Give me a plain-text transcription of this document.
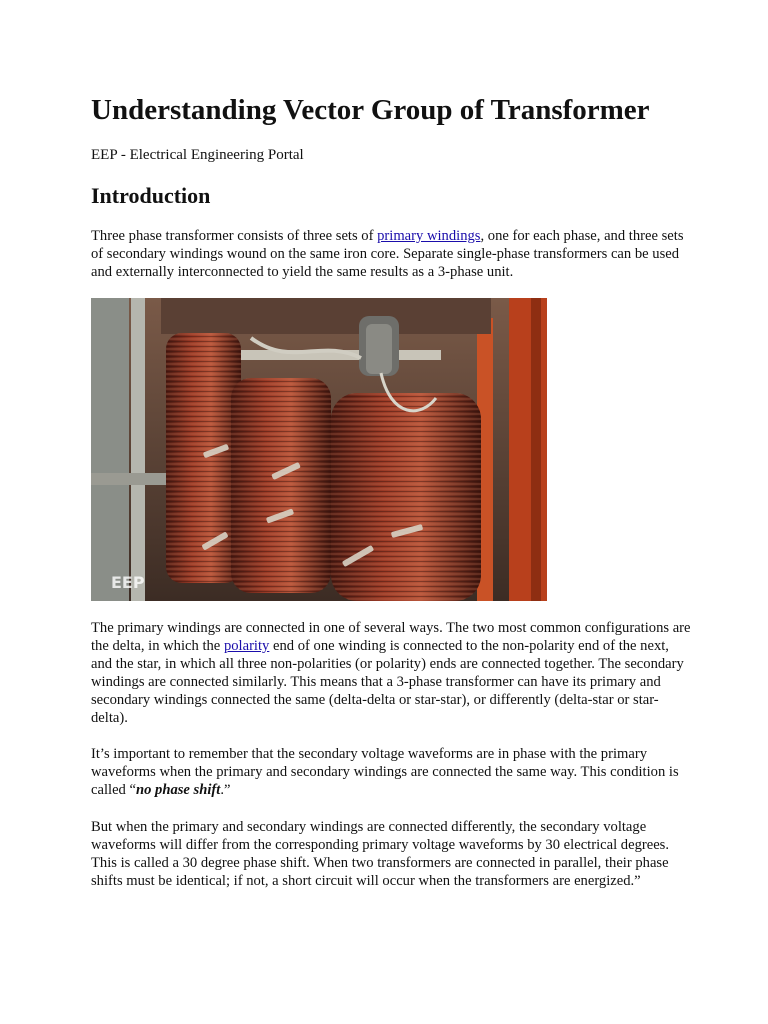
Understanding Vector Group of Transformer

EEP - Electrical Engineering Portal

Introduction

Three phase transformer consists of three sets of primary windings, one for each phase, and three sets of secondary windings wound on the same iron core. Separate single-phase transformers can be used and externally interconnected to yield the same results as a 3-phase unit.

EEP

The primary windings are connected in one of several ways. The two most common configurations are the delta, in which the polarity end of one winding is connected to the non-polarity end of the next, and the star, in which all three non-polarities (or polarity) ends are connected together. The secondary windings are connected similarly. This means that a 3-phase transformer can have its primary and secondary windings connected the same (delta-delta or star-star), or differently (delta-star or star-delta).

It’s important to remember that the secondary voltage waveforms are in phase with the primary waveforms when the primary and secondary windings are connected the same way. This condition is called “no phase shift.”

But when the primary and secondary windings are connected differently, the secondary voltage waveforms will differ from the corresponding primary voltage waveforms by 30 electrical degrees. This is called a 30 degree phase shift. When two transformers are connected in parallel, their phase shifts must be identical; if not, a short circuit will occur when the transformers are energized.”
